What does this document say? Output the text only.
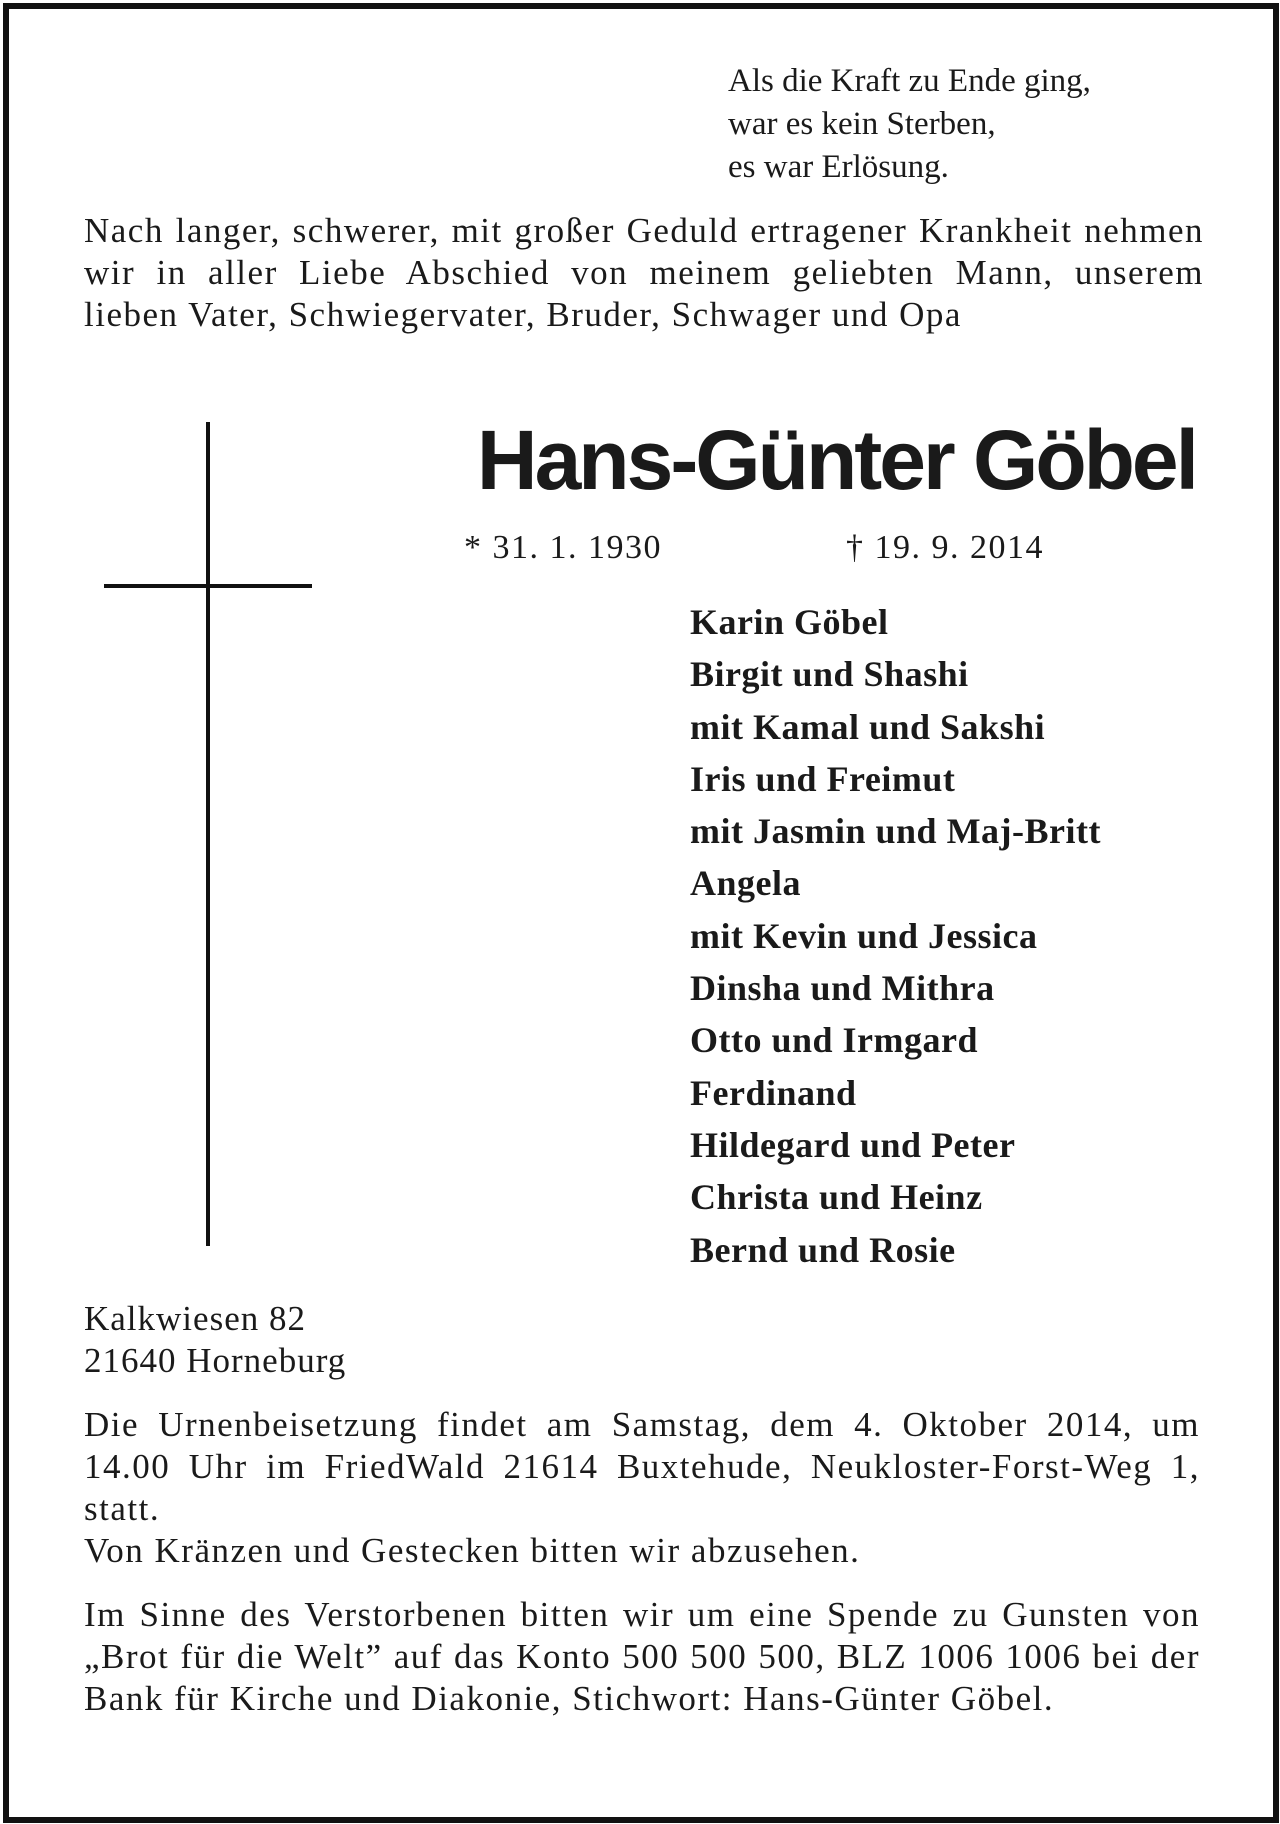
Als die Kraft zu Ende ging,
war es kein Sterben,
es war Erlösung.
Nach langer, schwerer, mit großer Geduld ertragener Krankheit nehmen wir in aller Liebe Abschied von meinem geliebten Mann, unserem lieben Vater, Schwiegervater, Bruder, Schwager und Opa
Hans-Günter Göbel
* 31. 1. 1930	† 19. 9. 2014
Karin Göbel
Birgit und Shashi
mit Kamal und Sakshi
Iris und Freimut
mit Jasmin und Maj-Britt
Angela
mit Kevin und Jessica
Dinsha und Mithra
Otto und Irmgard
Ferdinand
Hildegard und Peter
Christa und Heinz
Bernd und Rosie
Kalkwiesen 82
21640 Horneburg
Die Urnenbeisetzung findet am Samstag, dem 4. Oktober 2014, um 14.00 Uhr im FriedWald 21614 Buxtehude, Neukloster-Forst-Weg 1, statt.
Von Kränzen und Gestecken bitten wir abzusehen.
Im Sinne des Verstorbenen bitten wir um eine Spende zu Gunsten von „Brot für die Welt” auf das Konto 500 500 500, BLZ 1006 1006 bei der Bank für Kirche und Diakonie, Stichwort: Hans-Günter Göbel.
